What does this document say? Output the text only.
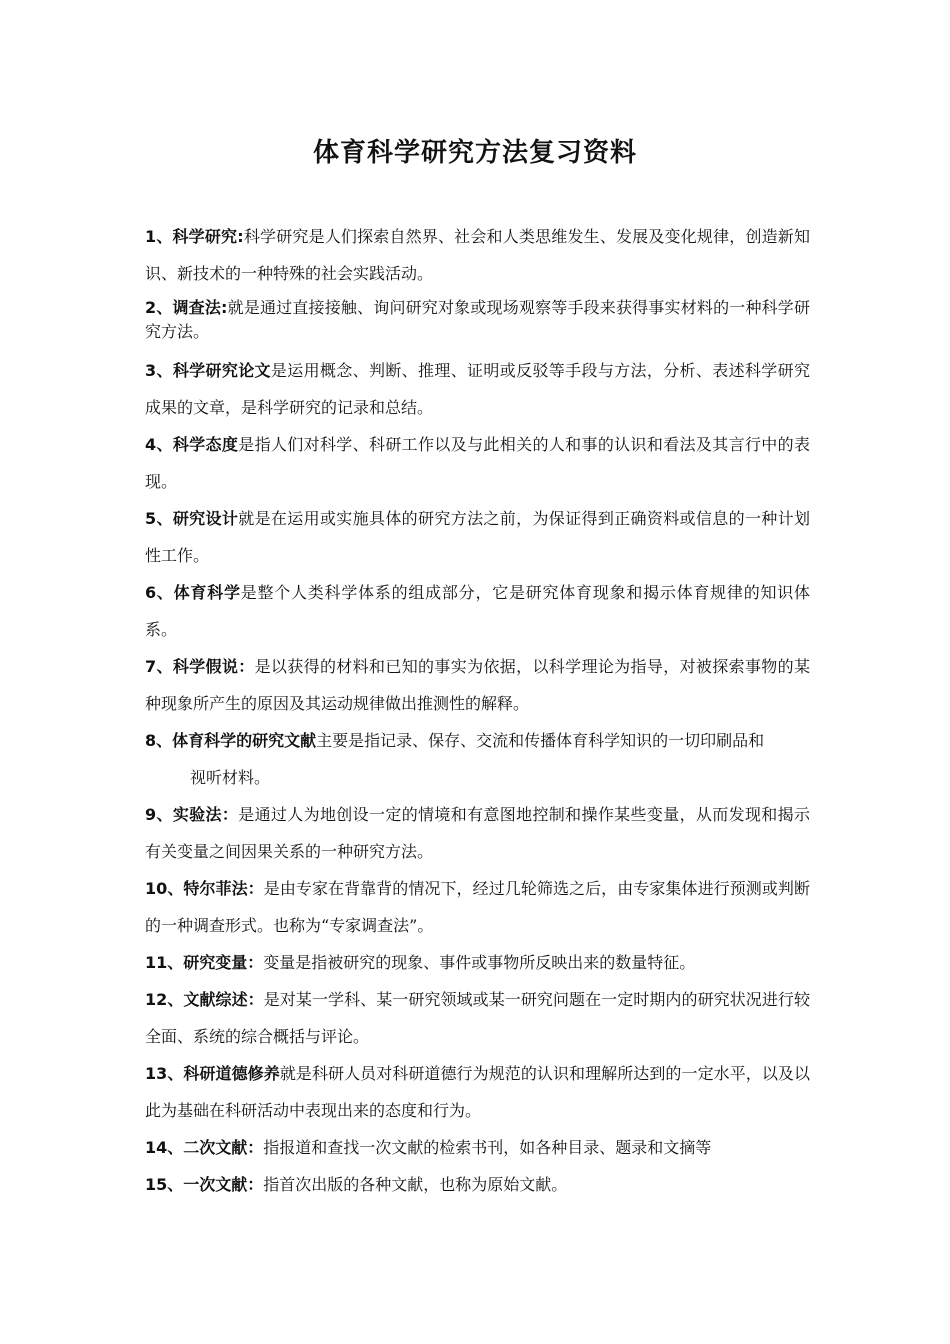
体育科学研究方法复习资料

1、科学研究:科学研究是人们探索自然界、社会和人类思维发生、发展及变化规律，创造新知识、新技术的一种特殊的社会实践活动。

2、调查法:就是通过直接接触、询问研究对象或现场观察等手段来获得事实材料的一种科学研究方法。

3、科学研究论文是运用概念、判断、推理、证明或反驳等手段与方法，分析、表述科学研究成果的文章，是科学研究的记录和总结。

4、科学态度是指人们对科学、科研工作以及与此相关的人和事的认识和看法及其言行中的表现。

5、研究设计就是在运用或实施具体的研究方法之前，为保证得到正确资料或信息的一种计划性工作。

6、体育科学是整个人类科学体系的组成部分，它是研究体育现象和揭示体育规律的知识体系。

7、科学假说：是以获得的材料和已知的事实为依据，以科学理论为指导，对被探索事物的某种现象所产生的原因及其运动规律做出推测性的解释。

8、体育科学的研究文献主要是指记录、保存、交流和传播体育科学知识的一切印刷品和
视听材料。

9、实验法：是通过人为地创设一定的情境和有意图地控制和操作某些变量，从而发现和揭示有关变量之间因果关系的一种研究方法。

10、特尔菲法：是由专家在背靠背的情况下，经过几轮筛选之后，由专家集体进行预测或判断的一种调查形式。也称为“专家调查法”。

11、研究变量：变量是指被研究的现象、事件或事物所反映出来的数量特征。

12、文献综述：是对某一学科、某一研究领域或某一研究问题在一定时期内的研究状况进行较全面、系统的综合概括与评论。

13、科研道德修养就是科研人员对科研道德行为规范的认识和理解所达到的一定水平，以及以此为基础在科研活动中表现出来的态度和行为。

14、二次文献：指报道和查找一次文献的检索书刊，如各种目录、题录和文摘等

15、一次文献：指首次出版的各种文献，也称为原始文献。
